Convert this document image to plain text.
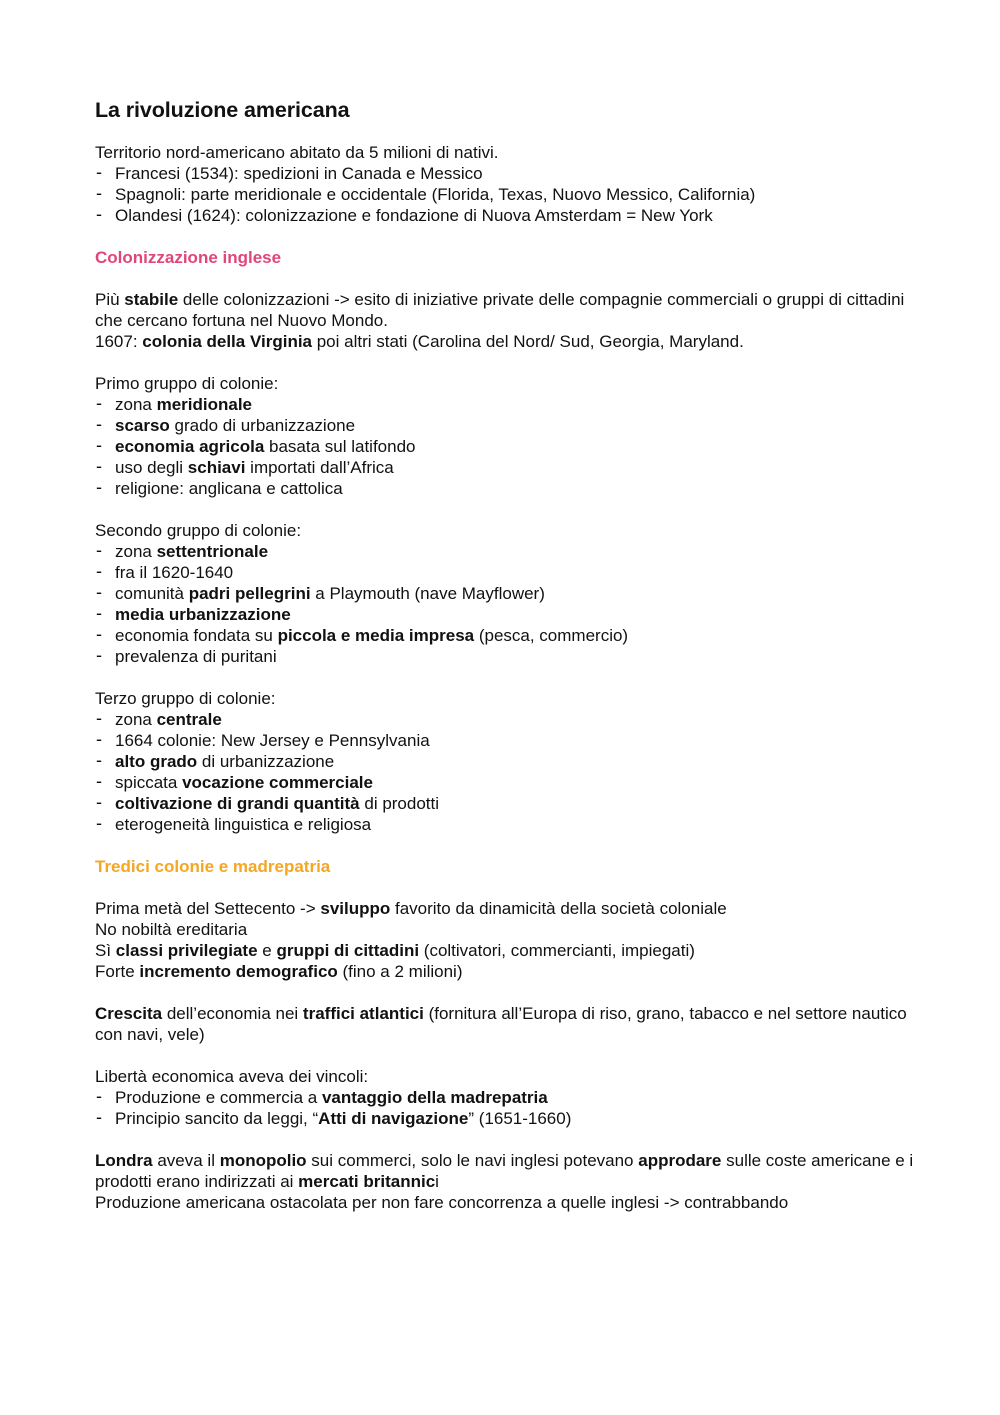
La rivoluzione americana

Territorio nord-americano abitato da 5 milioni di nativi.

- Francesi (1534): spedizioni in Canada e Messico
- Spagnoli: parte meridionale e occidentale (Florida, Texas, Nuovo Messico, California)
- Olandesi (1624): colonizzazione e fondazione di Nuova Amsterdam = New York
Colonizzazione inglese

Più stabile delle colonizzazioni -> esito di iniziative private delle compagnie commerciali o gruppi di cittadini che cercano fortuna nel Nuovo Mondo.

1607: colonia della Virginia poi altri stati (Carolina del Nord/ Sud, Georgia, Maryland.

Primo gruppo di colonie:

- zona meridionale
- scarso grado di urbanizzazione
- economia agricola basata sul latifondo
- uso degli schiavi importati dall’Africa
- religione: anglicana e cattolica

Secondo gruppo di colonie:

- zona settentrionale
- fra il 1620-1640
- comunità padri pellegrini a Playmouth (nave Mayflower)
- media urbanizzazione
- economia fondata su piccola e media impresa (pesca, commercio)
- prevalenza di puritani

Terzo gruppo di colonie:

- zona centrale
- 1664 colonie: New Jersey e Pennsylvania
- alto grado di urbanizzazione
- spiccata vocazione commerciale
- coltivazione di grandi quantità di prodotti
- eterogeneità linguistica e religiosa
Tredici colonie e madrepatria

Prima metà del Settecento -> sviluppo favorito da dinamicità della società coloniale

No nobiltà ereditaria

Sì classi privilegiate e gruppi di cittadini (coltivatori, commercianti, impiegati)

Forte incremento demografico (fino a 2 milioni)

Crescita dell’economia nei traffici atlantici (fornitura all’Europa di riso, grano, tabacco e nel settore nautico con navi, vele)

Libertà economica aveva dei vincoli:

- Produzione e commercia a vantaggio della madrepatria
- Principio sancito da leggi, “Atti di navigazione” (1651-1660)

Londra aveva il monopolio sui commerci, solo le navi inglesi potevano approdare sulle coste americane e i prodotti erano indirizzati ai mercati britannici

Produzione americana ostacolata per non fare concorrenza a quelle inglesi -> contrabbando
